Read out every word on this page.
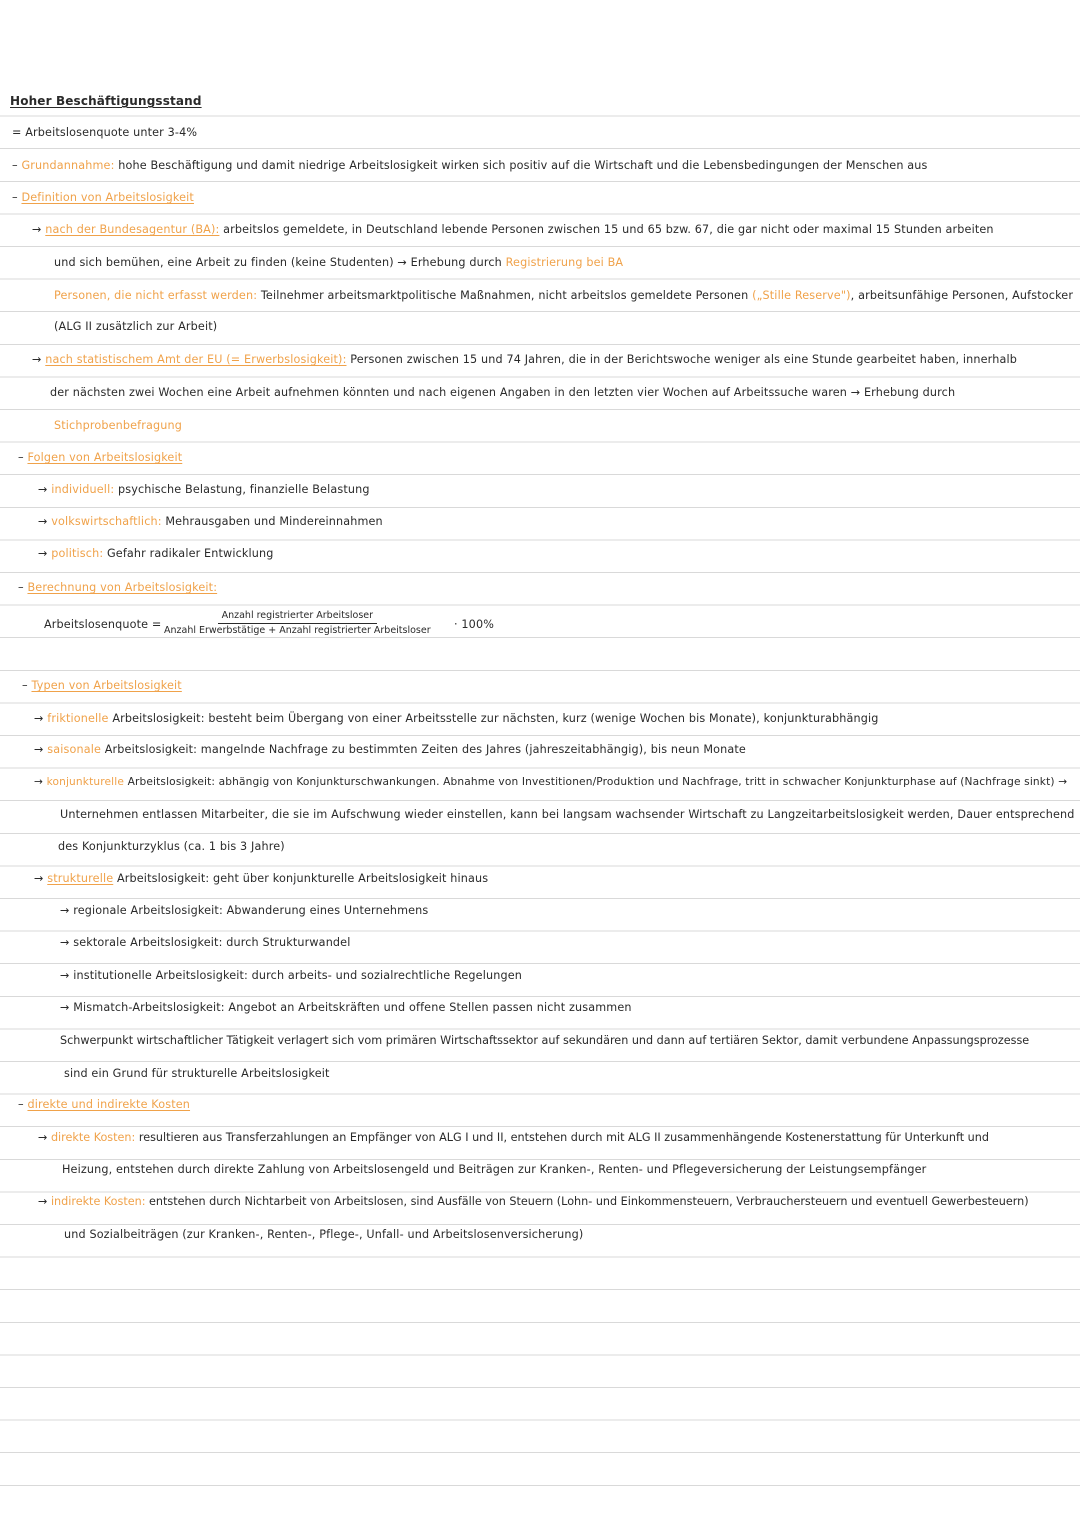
Hoher Beschäftigungsstand
= Arbeitslosenquote unter 3-4%
– Grundannahme: hohe Beschäftigung und damit niedrige Arbeitslosigkeit wirken sich positiv auf die Wirtschaft und die Lebensbedingungen der Menschen aus
– Definition von Arbeitslosigkeit
→ nach der Bundesagentur (BA): arbeitslos gemeldete, in Deutschland lebende Personen zwischen 15 und 65 bzw. 67, die gar nicht oder maximal 15 Stunden arbeiten
und sich bemühen, eine Arbeit zu finden (keine Studenten) → Erhebung durch Registrierung bei BA
Personen, die nicht erfasst werden: Teilnehmer arbeitsmarktpolitische Maßnahmen, nicht arbeitslos gemeldete Personen („Stille Reserve"), arbeitsunfähige Personen, Aufstocker
(ALG II zusätzlich zur Arbeit)
→ nach statistischem Amt der EU (= Erwerbslosigkeit): Personen zwischen 15 und 74 Jahren, die in der Berichtswoche weniger als eine Stunde gearbeitet haben, innerhalb
der nächsten zwei Wochen eine Arbeit aufnehmen könnten und nach eigenen Angaben in den letzten vier Wochen auf Arbeitssuche waren → Erhebung durch
Stichprobenbefragung
– Folgen von Arbeitslosigkeit
→ individuell: psychische Belastung, finanzielle Belastung
→ volkswirtschaftlich: Mehrausgaben und Mindereinnahmen
→ politisch: Gefahr radikaler Entwicklung
– Berechnung von Arbeitslosigkeit:
Arbeitslosenquote =
Anzahl registrierter Arbeitsloser
Anzahl Erwerbstätige + Anzahl registrierter Arbeitsloser	· 100%
– Typen von Arbeitslosigkeit
→ friktionelle Arbeitslosigkeit: besteht beim Übergang von einer Arbeitsstelle zur nächsten, kurz (wenige Wochen bis Monate), konjunkturabhängig
→ saisonale Arbeitslosigkeit: mangelnde Nachfrage zu bestimmten Zeiten des Jahres (jahreszeitabhängig), bis neun Monate
→ konjunkturelle Arbeitslosigkeit: abhängig von Konjunkturschwankungen. Abnahme von Investitionen/Produktion und Nachfrage, tritt in schwacher Konjunkturphase auf (Nachfrage sinkt) →
Unternehmen entlassen Mitarbeiter, die sie im Aufschwung wieder einstellen, kann bei langsam wachsender Wirtschaft zu Langzeitarbeitslosigkeit werden, Dauer entsprechend
des Konjunkturzyklus (ca. 1 bis 3 Jahre)
→ strukturelle Arbeitslosigkeit: geht über konjunkturelle Arbeitslosigkeit hinaus
→ regionale Arbeitslosigkeit: Abwanderung eines Unternehmens
→ sektorale Arbeitslosigkeit: durch Strukturwandel
→ institutionelle Arbeitslosigkeit: durch arbeits- und sozialrechtliche Regelungen
→ Mismatch-Arbeitslosigkeit: Angebot an Arbeitskräften und offene Stellen passen nicht zusammen
Schwerpunkt wirtschaftlicher Tätigkeit verlagert sich vom primären Wirtschaftssektor auf sekundären und dann auf tertiären Sektor, damit verbundene Anpassungsprozesse
sind ein Grund für strukturelle Arbeitslosigkeit
– direkte und indirekte Kosten
→ direkte Kosten: resultieren aus Transferzahlungen an Empfänger von ALG I und II, entstehen durch mit ALG II zusammenhängende Kostenerstattung für Unterkunft und
Heizung, entstehen durch direkte Zahlung von Arbeitslosengeld und Beiträgen zur Kranken-, Renten- und Pflegeversicherung der Leistungsempfänger
→ indirekte Kosten: entstehen durch Nichtarbeit von Arbeitslosen, sind Ausfälle von Steuern (Lohn- und Einkommensteuern, Verbrauchersteuern und eventuell Gewerbesteuern)
und Sozialbeiträgen (zur Kranken-, Renten-, Pflege-, Unfall- und Arbeitslosenversicherung)
